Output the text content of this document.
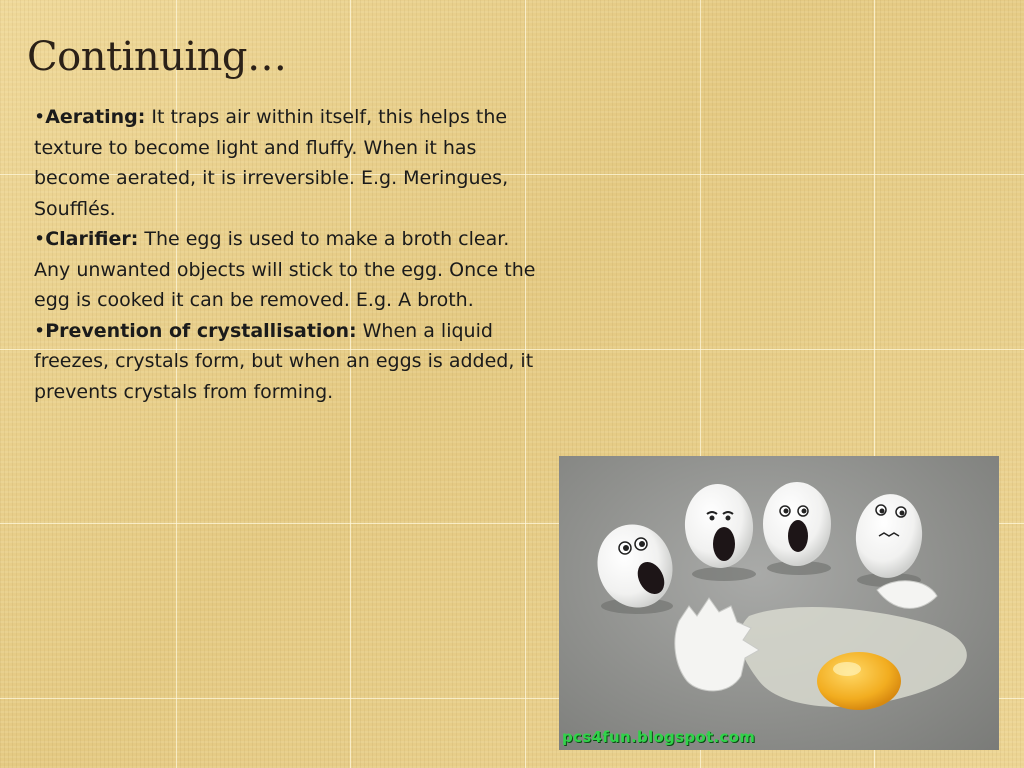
Continuing…

•Aerating: It traps air within itself, this helps the texture to become light and fluffy. When it has become aerated, it is irreversible. E.g. Meringues, Soufflés.

•Clarifier: The egg is used to make a broth clear. Any unwanted objects will stick to the egg. Once the egg is cooked it can be removed. E.g. A broth.

•Prevention of crystallisation: When a liquid freezes, crystals form, but when an eggs is added, it prevents crystals from forming.

pcs4fun.blogspot.com
